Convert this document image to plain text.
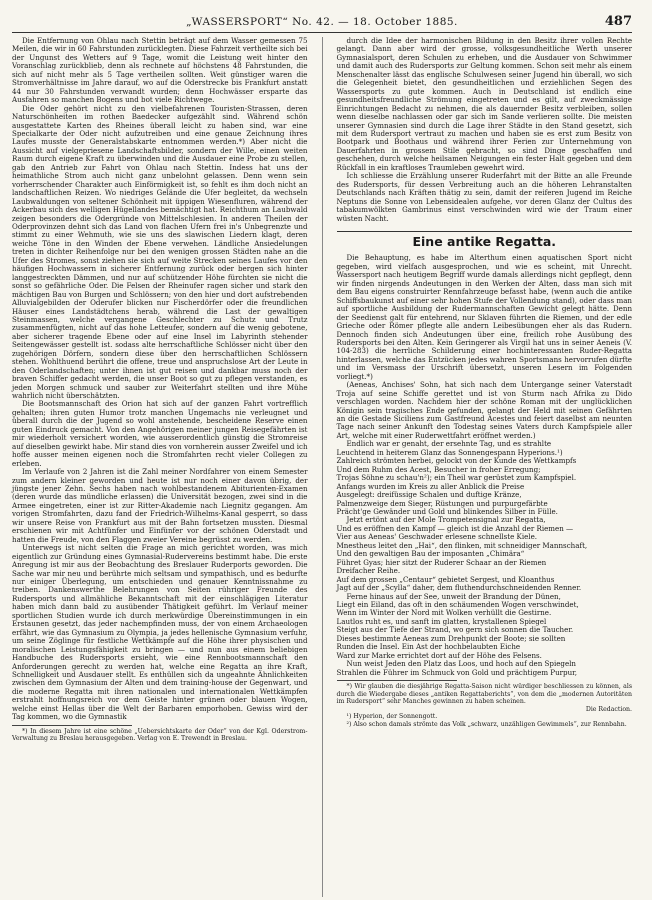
„WASSERSPORT“ No. 42. — 18. October 1885.	487

Die Entfernung von Ohlau nach Stettin beträgt auf dem Wasser gemessen 75 Meilen, die wir in 60 Fahrstunden zurücklegten. Diese Fahrzeit vertheilte sich bei der Ungunst des Wetters auf 9 Tage, womit die Leistung weit hinter den Voranschlag zurückblieb, denn als rechnete auf höchstens 48 Fahrstunden, die sich auf nicht mehr als 5 Tage vertheilen sollten. Weit günstiger waren die Stromverhältnisse im Jahre darauf, wo auf die Oderstrecke bis Frankfurt anstatt 44 nur 30 Fahrstunden verwandt wurden; denn Hochwässer ersparte das Ausfahren so manchen Bogens und bot viele Richtwege.

Die Oder gehört nicht zu den vielbefahrenen Touristen-Strassen, deren Naturschönheiten im rothen Baedecker aufgezählt sind. Während schön ausgestattete Karten des Rheines überall leicht zu haben sind, war eine Specialkarte der Oder nicht aufzutreiben und eine genaue Zeichnung ihres Laufes musste der Generalstabskarte entnommen werden.*) Aber nicht die Aussicht auf vielgepriesene Landschaftsbilder, sondern der Wille, einen weiten Raum durch eigene Kraft zu überwinden und die Ausdauer eine Probe zu stellen, gab den Antrieb zur Fahrt von Ohlau nach Stettin. Indess hat uns der heimathliche Strom auch nicht ganz unbelohnt gelassen. Denn wenn sein vorherrschender Charakter auch Einförmigkeit ist, so fehlt es ihm doch nicht an landschaftlichen Reizen. Wo niedriges Gelände die Ufer begleitet, da wechseln Laubwaldungen von seltener Schönheit mit üppigen Wiesenfluren, während der Ackerbau sich des welligen Hügellandes bemächtigt hat. Reichthum an Laubwald zeigen besonders die Odergründe von Mittelschlesien. In anderen Theilen der Oderprovinzen dehnt sich das Land von flachen Ufern frei in's Unbegrenzte und stimmt zu einer Wehmuth, wie sie uns des slawischen Liedern klagt, deren weiche Töne in den Winden der Ebene verwehen. Ländliche Ansiedelungen treten in dichter Reihenfolge nur bei den wenigen grossen Städten nahe an die Ufer des Stromes, sonst ziehen sie sich auf weite Strecken seines Laufes vor den häufigen Hochwassern in sicherer Entfernung zurück oder bergen sich hinter langgestreckten Dämmen, und nur auf schützender Höhe fürchten sie nicht die sonst so gefährliche Oder. Die Felsen der Rheinufer ragen sicher und stark den mächtigen Bau von Burgen und Schlössern; von den hier und dort aufstrebenden Alluvialgebilden der Oderufer blicken nur Fischerdörfer oder die freundlichen Häuser eines Landstädtchens herab, während die Last der gewaltigen Steinmassen, welche vergangene Geschlechter zu Schutz und Trutz zusammenfügten, nicht auf das hohe Letteufer, sondern auf die wenig gebotene, aber sicherer tragende Ebene oder auf eine Insel im Labyrinth stehender Seitengewässer gestellt ist. sodass alte herrschaftliche Schlösser nicht über den zugehörigen Dörfern, sondern diese über den herrschaftlichen Schlössern stehen. Wohlthuend berührt die offene, treue und anspruchslose Art der Leute in den Oderlandschaften; unter ihnen ist gut reisen und dankbar muss noch der braven Schiffer gedacht werden, die unser Boot so gut zu pflegen verstanden, es jeden Morgen schmuck und sauber zur Weiterfahrt stellten und ihre Mühe wahrlich nicht überschätzten.

Die Bootsmannschaft des Orion hat sich auf der ganzen Fahrt vortrefflich gehalten; ihren guten Humor trotz manchen Ungemachs nie verleugnet und überall durch die der Jugend so wohl anstehende, bescheidene Reserve einen guten Eindruck gemacht. Von den Angehörigen meiner jungen Reisegefährten ist mir wiederholt versichert worden, wie ausserordentlich günstig die Stromreise auf dieselben gewirkt habe. Mir stand dies von vornherein ausser Zweifel und ich hoffe ausser meinen eigenen noch die Stromfahrten recht vieler Collegen zu erleben.

Im Verlaufe von 2 Jahren ist die Zahl meiner Nordfahrer von einem Semester zum andern kleiner geworden und heute ist nur noch einer davon übrig, der jüngste jener Zehn. Sechs haben nach wohlbestandenem Abiturienten-Examen (deren wurde das mündliche erlassen) die Universität bezogen, zwei sind in die Armee eingetreten, einer ist zur Ritter-Akademie nach Liegnitz gegangen. Am vorigen Stromfahrten, dazu fand der Friedrich-Wilhelms-Kanal gesperrt, so dass wir unsere Reise von Frankfurt aus mit der Bahn fortsetzen mussten. Diesmal erschienen wir mit Achtfünfer und Einfünfer vor der schönen Oderstadt und hatten die Freude, von den Flaggen zweier Vereine begrüsst zu werden.

Unterwegs ist nicht selten die Frage an mich gerichtet worden, was mich eigentlich zur Gründung eines Gymnasial-Rudervereins bestimmt habe. Die erste Anregung ist mir aus der Beobachtung des Breslauer Ruderports geworden. Die Sache war mir neu und berührte mich seltsam und sympathisch, und es bedurfte nur einiger Überlegung, um entschieden und genauer Kenntnissnahme zu treiben. Dankenswerthe Belehrungen von Seiten rühriger Freunde des Rudersports und allmähliche Bekanntschaft mit der einschlägigen Literatur haben mich dann bald zu ausübender Thätigkeit geführt. Im Verlauf meiner sportlichen Studien wurde ich durch merkwürdige Übereinstimmungen in ein Erstaunen gesetzt, das jeder nachempfinden muss, der von einem Archaeologen erfährt, wie das Gymnasium zu Olympia, ja jedes hellenische Gymnasium verfuhr, um seine Zöglinge für festliche Wettkämpfe auf die Höhe ihrer physischen und moralischen Leistungsfähigkeit zu bringen — und nun aus einem beliebigen Handbuche des Rudersports ersieht, wie eine Rennbootsmannschaft den Anforderungen gerecht zu werden hat, welche eine Regatta an ihre Kraft, Schnelligkeit und Ausdauer stellt. Es enthüllen sich da ungeahnte Ähnlichkeiten zwischen dem Gymnasium der Alten und dem training-house der Gegenwart, und die moderne Regatta mit ihren nationalen und internationalen Wettkämpfen erstrahlt hoffnungsreich vor dem Geiste hinter grünen oder blauen Wogen, welche einst Hellas über die Welt der Barbaren emporhoben. Gewiss wird der Tag kommen, wo die Gymnastik

*) In diesem Jahre ist eine schöne „Uebersichtskarte der Oder“ von der Kgl. Oderstrom-Verwaltung zu Breslau herausgegeben. Verlag von E. Trewendt in Breslau.

durch die Idee der harmonischen Bildung in den Besitz ihrer vollen Rechte gelangt. Dann aber wird der grosse, volksgesundheitliche Werth unserer Gymnasialsport, deren Schulen zu erheben, und die Ausdauer von Schwimmer und damit auch des Rudersports zur Geltung kommen. Schon seit mehr als einem Menschenalter lässt das englische Schulwesen seiner Jugend hin überall, wo sich die Gelegenheit bietet, den gesundheitlichen und erziehlichen Segen des Wassersports zu gute kommen. Auch in Deutschland ist endlich eine gesundheitsfreundliche Strömung eingetreten und es gilt, auf zweckmässige Einrichtungen Bedacht zu nehmen, die als dauernder Besitz verbleiben, sollen wenn dieselbe nachlassen oder gar sich im Sande verlieren sollte. Die meisten unserer Gymnasien sind durch die Lage ihrer Städte in den Stand gesetzt, sich mit dem Rudersport vertraut zu machen und haben sie es erst zum Besitz von Bootpark und Boothaus und während ihrer Ferien zur Unternehmung von Dauerfahrten in grossem Stile gebracht, so sind Dinge geschaffen und geschehen, durch welche heilsamen Neigungen ein fester Halt gegeben und dem Rückfall in ein kraftloses Traumleben gewehrt wird.

Ich schliesse die Erzählung unserer Ruderfahrt mit der Bitte an alle Freunde des Rudersports, für dessen Verbreitung auch an die höheren Lehranstalten Deutschlands nach Kräften thätig zu sein, damit der reiferen Jugend im Reiche Neptuns die Sonne von Lebensidealen aufgehe, vor deren Glanz der Cultus des tabakumwölkten Gambrinus einst verschwinden wird wie der Traum einer wüsten Nacht.

Eine antike Regatta.

Die Behauptung, es habe im Alterthum einen aquatischen Sport nicht gegeben, wird vielfach ausgesprochen, und wie es scheint, mit Unrecht. Wassersport nach heutigem Begriff wurde damals allerdings nicht gepflegt, denn wir finden nirgends Andeutungen in den Werken der Alten, dass man sich mit dem Bau eigens construirter Rennfahrzeuge befasst habe, (wenn auch die antike Schiffsbaukunst auf einer sehr hohen Stufe der Vollendung stand), oder dass man auf sportliche Ausbildung der Rudermannschaften Gewicht gelegt hätte. Denn der Seedienst galt für entehrend, nur Sklaven führten die Riemen, und der edle Grieche oder Römer pflegte alle andern Leibesübungen eher als das Rudern. Dennoch finden sich Andeutungen über eine, freilich rohe Ausübung des Rudersports bei den Alten. Kein Geringerer als Virgil hat uns in seiner Aeneis (V. 104-283) die herrliche Schilderung einer hochinteressanten Ruder-Regatta hinterlassen, welche das Entzücken jedes wahren Sportsmans hervorrufen dürfte und im Versmass der Urschrift übersetzt, unseren Lesern im Folgenden vorliegt.*)

(Aeneas, Anchises' Sohn, hat sich nach dem Untergange seiner Vaterstadt Troja auf seine Schiffe gerettet und ist von Sturm nach Afrika zu Dido verschlagen worden. Nachdem hier der schöne Roman mit der unglücklichen Königin sein tragisches Ende gefunden, gelangt der Held mit seinen Gefährten an die Gestade Siciliens zum Gastfreund Acestes und feiert daselbst am neunten Tage nach seiner Ankunft den Todestag seines Vaters durch Kampfspiele aller Art, welche mit einer Ruderwettfahrt eröffnet werden.)

Endlich war er genaht, der ersehnte Tag, und es strahlte

Leuchtend in heiterem Glanz das Sonnengespann Hyperions.¹)

Zahlreich strömten herbei, gelockt von der Kunde des Wettkampfs

Und dem Ruhm des Acest, Besucher in froher Erregung;

Trojas Söhne zu schau'n²); ein Theil war gerüstet zum Kampfspiel.

Anfangs wurden im Kreis zu aller Anblick die Preise

Ausgelegt: dreifüssige Schalen und duftige Kränze,

Palmenzweige dem Sieger, Rüstungen und purpurgefärbte

Prächt'ge Gewänder und Gold und blinkendes Silber in Fülle.

Jetzt ertönt auf der Mole Trompetensignal zur Regatta,

Und es eröffnen den Kampf — gleich ist die Anzahl der Riemen —

Vier aus Aeneas' Geschwader erlesene schnellste Kiele.

Mnestheus leitet den „Hai“, den flinken, mit schneidiger Mannschaft,

Und den gewaltigen Bau der imposanten „Chimära“

Führet Gyas; hier sitzt der Ruderer Schaar an der Riemen

Dreifacher Reihe.

Auf dem grossen „Centaur“ gebietet Sergest, und Kloanthus

Jagt auf der „Scylla“ daher, dem fluthendurchschneidenden Renner.

Ferne hinaus auf der See, unweit der Brandung der Dünen,

Liegt ein Eiland, das oft in den schäumenden Wogen verschwindet,

Wenn im Winter der Nord mit Wolken verhüllt die Gestirne.

Lautlos ruht es, und sanft im glatten, krystallenen Spiegel

Steigt aus der Tiefe der Strand, wo gern sich sonnen die Taucher.

Dieses bestimmte Aeneas zum Drehpunkt der Boote; sie sollten

Runden die Insel. Ein Ast der hochbelaubten Eiche

Ward zur Marke errichtet dort auf der Höhe des Felsens.

Nun weist Jeden den Platz das Loos, und hoch auf den Spiegeln

Strahlen die Führer im Schmuck von Gold und prächtigem Purpur,

*) Wir glauben die diesjährige Regatta-Saison nicht würdiger beschliessen zu können, als durch die Wiedergabe dieses „antiken Regattaberichts“, von dem die „modernen Autoritäten im Rudersport“ sehr Manches gewinnen zu haben scheinen.

Die Redaction.

¹) Hyperion, der Sonnengott.

²) Also schon damals strömte das Volk „schwarz, unzähligen Gewimmels“, zur Rennbahn.
